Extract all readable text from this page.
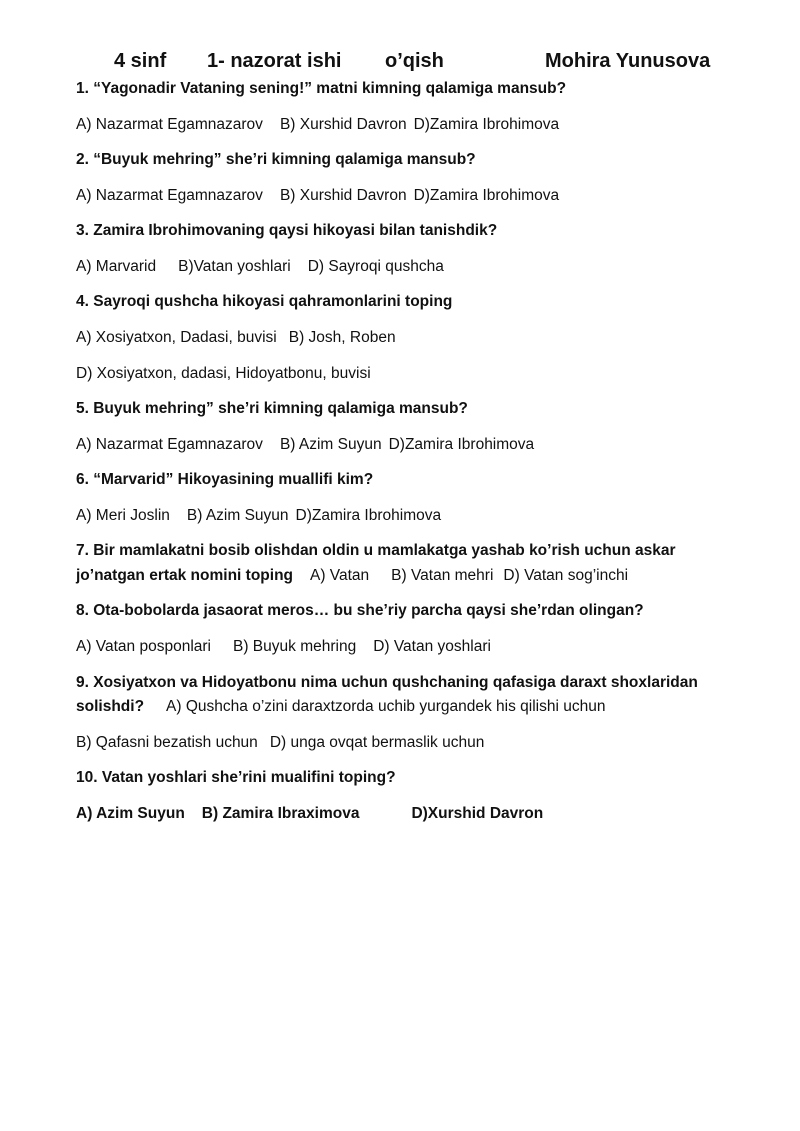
4 sinf 1- nazorat ishi o’qish	Mohira Yunusova
1. “Yagonadir Vataning sening!” matni kimning qalamiga mansub?
A) Nazarmat Egamnazarov B) Xurshid Davron D)Zamira Ibrohimova
2. “Buyuk mehring” she’ri kimning qalamiga mansub?
A) Nazarmat Egamnazarov B) Xurshid Davron D)Zamira Ibrohimova
3. Zamira Ibrohimovaning qaysi hikoyasi bilan tanishdik?
A) Marvarid B)Vatan yoshlari D) Sayroqi qushcha
4. Sayroqi qushcha hikoyasi qahramonlarini toping
A) Xosiyatxon, Dadasi, buvisi B) Josh, Roben
D) Xosiyatxon, dadasi, Hidoyatbonu, buvisi
5. Buyuk mehring” she’ri kimning qalamiga mansub?
A) Nazarmat Egamnazarov B) Azim Suyun D)Zamira Ibrohimova
6. “Marvarid” Hikoyasining muallifi kim?
A) Meri Joslin B) Azim Suyun D)Zamira Ibrohimova
7. Bir mamlakatni bosib olishdan oldin u mamlakatga yashab ko’rish uchun askar
jo’natgan ertak nomini toping A) Vatan B) Vatan mehri D) Vatan sog’inchi
8. Ota-bobolarda jasaorat meros… bu she’riy parcha qaysi she’rdan olingan?
A) Vatan posponlari B) Buyuk mehring D) Vatan yoshlari
9. Xosiyatxon va Hidoyatbonu nima uchun qushchaning qafasiga daraxt shoxlaridan
solishdi? A) Qushcha o’zini daraxtzorda uchib yurgandek his qilishi uchun
B) Qafasni bezatish uchun D) unga ovqat bermaslik uchun
10. Vatan yoshlari she’rini mualifini toping?
A) Azim Suyun B) Zamira Ibraximova	D)Xurshid Davron
